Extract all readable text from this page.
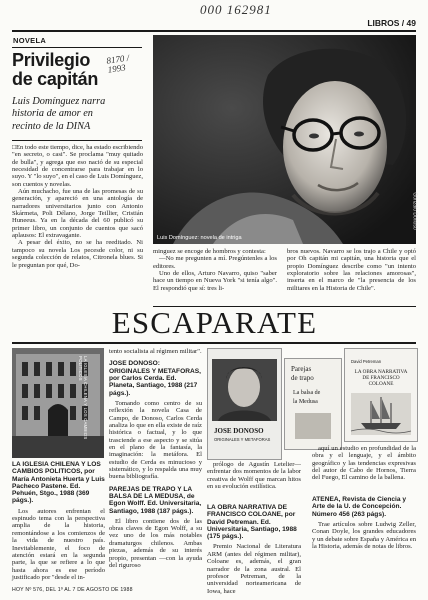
000 162981
LIBROS / 49
NOVELA
Privilegio
de capitán
8170 / 1993
Luis Domínguez narra
historia de amor en
recinto de la DINA

□En todo este tiempo, dice, ha estado escribiendo "en secreto, o casi". Se proclama "muy quitado de bulla", y agrega que eso nació de su especial necesidad de concentrarse para trabajar en lo suyo. Y "lo suyo", en el caso de Luis Domínguez, son cuentos y novelas.

Aún muchacho, fue una de las promesas de su generación, y apareció en una antología de narradores universitarios junto con Antonio Skármeta, Poli Délano, Jorge Teillier, Cristián Huneeus. Ya en la década del 60 publicó su primer libro, un conjunto de cuentos que sacó aplausos: El extravagante.

A pesar del éxito, no se ha reeditado. Ni tampoco su novela Los pecesde color, ni su segunda colección de relatos, Citronela blues. Si le preguntan por qué, Do-

Luis Domínguez: novela de intriga
Gonzalo Donoso

minguez se encoge de hombros y contesta:

—No me pregunten a mí. Pregúntenles a los editores.

Uno de ellos, Arturo Navarro, quiso "saber hace un tiempo en Nueva York "si tenía algo". El respondió que sí: tres li-

bros nuevos. Navarro se los trajo a Chile y optó por Oh capitán mi capitán, una historia que el propio Domínguez describe como "un intento exploratorio sobre las relaciones amorosas", inserta en el marco de "la presencia de los militares en la Historia de Chile".

ESCAPARATE
LA IGLESIA CHILENA Y LOS CAMBIOS POLITICOS
LA IGLESIA CHILENA Y LOS CAMBIOS POLITICOS, por María Antonieta Huerta y Luis Pacheco Pastene. Ed. Pehuén, Stgo., 1988 (369 págs.).
Los autores enfrentan el espinudo tema con la perspectiva amplia de la historia, remontándose a los comienzos de la vida de nuestro país. Inevitablemente, el foco de atención estará en la segunda parte, la que se refiere a lo que hasta ahora es ese período justificado por "desde el in-
tento socialista al régimen militar".
JOSE DONOSO: ORIGINALES Y METAFORAS, por Carlos Cerda. Ed. Planeta, Santiago, 1988 (217 págs.).
Tomando como centro de su reflexión la novela Casa de Campo, de Donoso, Carlos Cerda analiza lo que en ella existe de raíz histórica o factual, y lo que trasciende a ese aspecto y se sitúa en el plano de la fantasía, la imaginación: la metáfora. El estudio de Cerda es minucioso y sistemático, y lo respalda una muy buena bibliografía.
PAREJAS DE TRAPO Y LA BALSA DE LA MEDUSA, de Egon Wolff. Ed. Universitaria, Santiago, 1988 (187 págs.).
El libro contiene dos de las obras claves de Egon Wolff, a su vez uno de los más notables dramaturgos chilenos. Ambas piezas, además de su interés propio, presentan —con la ayuda del riguroso
JOSE DONOSO
ORIGINALES Y METAFORAS
prólogo de Agustín Letelier— enfrentar dos momentos de la labor creativa de Wolff que marcan hitos en su evolución estilística.
LA OBRA NARRATIVA DE FRANCISCO COLOANE, por David Petreman. Ed. Universitaria, Santiago, 1988 (175 págs.).
Premio Nacional de Literatura ARM (antes del régimen militar), Coloane es, además, el gran narrador de la zona austral. El profesor Petreman, de la universidad norteamericana de Iowa, hace
Parejas
de trapo
La balsa de
la Medusa
David Petreman
LA OBRA NARRATIVA DE FRANCISCO COLOANE
aquí un estudio en profundidad de la obra y el lenguaje, y el ámbito geográfico y las tendencias expresivas del autor de Cabo de Hornos, Tierra del Fuego, El camino de la ballena.
ATENEA, Revista de Ciencia y Arte de la U. de Concepción. Número 456 (263 págs).
Trae artículos sobre Ludwig Zeller, Conan Doyle, los grandes educadores y un debate sobre España y América en la Historia, además de notas de libros.
HOY Nº 576, DEL 1º AL 7 DE AGOSTO DE 1988
